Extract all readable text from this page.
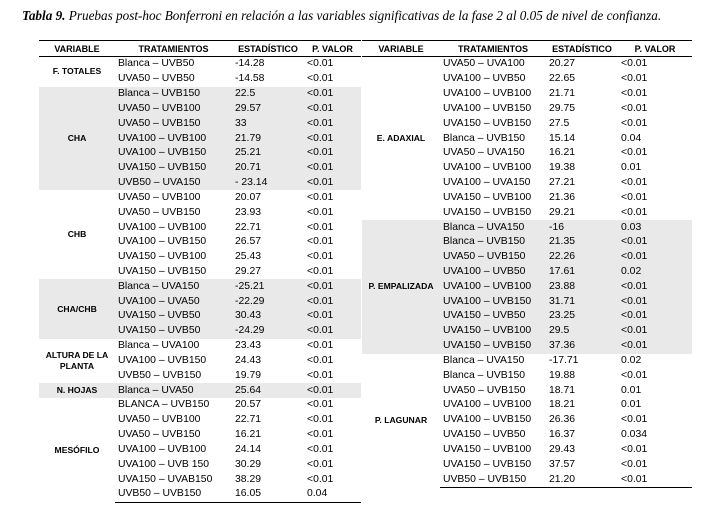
Tabla 9. Pruebas post-hoc Bonferroni en relación a las variables significativas de la fase 2 al 0.05 de nivel de confianza.
VARIABLE	TRATAMIENTOS	ESTADÍSTICO	P. VALOR
F. TOTALES	Blanca – UVB50	-14.28	<0.01
	UVA50 – UVB50	-14.58	<0.01
CHA	Blanca – UVB150	22.5	<0.01
	UVA50 – UVB100	29.57	<0.01
	UVA50 – UVB150	33	<0.01
	UVA100 – UVB100	21.79	<0.01
	UVA100 – UVB150	25.21	<0.01
	UVA150 – UVB150	20.71	<0.01
	UVB50 – UVA150	- 23.14	<0.01
CHB	UVA50 – UVB100	20.07	<0.01
	UVA50 – UVB150	23.93	<0.01
	UVA100 – UVB100	22.71	<0.01
	UVA100 – UVB150	26.57	<0.01
	UVA150 – UVB100	25.43	<0.01
	UVA150 – UVB150	29.27	<0.01
CHA/CHB	Blanca – UVA150	-25.21	<0.01
	UVA100 – UVA50	-22.29	<0.01
	UVA150 – UVB50	30.43	<0.01
	UVA150 – UVB50	-24.29	<0.01
ALTURA DE LA PLANTA	Blanca – UVA100	23.43	<0.01
	UVA100 – UVB150	24.43	<0.01
	UVB50 – UVB150	19.79	<0.01
N. HOJAS	Blanca – UVA50	25.64	<0.01
MESÓFILO	BLANCA – UVB150	20.57	<0.01
	UVA50 – UVB100	22.71	<0.01
	UVA50 – UVB150	16.21	<0.01
	UVA100 – UVB100	24.14	<0.01
	UVA100 – UVB 150	30.29	<0.01
	UVA150 – UVAB150	38.29	<0.01
	UVB50 – UVB150	16.05	0.04
VARIABLE	TRATAMIENTOS	ESTADÍSTICO	P. VALOR
E. ADAXIAL	UVA50 – UVA100	20.27	<0.01
	UVA100 – UVB50	22.65	<0.01
	UVA100 – UVB100	21.71	<0.01
	UVA100 – UVB150	29.75	<0.01
	UVA150 – UVB150	27.5	<0.01
	Blanca – UVB150	15.14	0.04
	UVA50 – UVA150	16.21	<0.01
	UVA100 – UVB100	19.38	0.01
	UVA100 – UVA150	27.21	<0.01
	UVA150 – UVB100	21.36	<0.01
	UVA150 – UVB150	29.21	<0.01
P. EMPALIZADA	Blanca – UVA150	-16	0.03
	Blanca – UVB150	21.35	<0.01
	UVA50 – UVB150	22.26	<0.01
	UVA100 – UVB50	17.61	0.02
	UVA100 – UVB100	23.88	<0.01
	UVA100 – UVB150	31.71	<0.01
	UVA150 – UVB50	23.25	<0.01
	UVA150 – UVB100	29.5	<0.01
	UVA150 – UVB150	37.36	<0.01
P. LAGUNAR	Blanca – UVA150	-17.71	0.02
	Blanca – UVB150	19.88	<0.01
	UVA50 – UVB150	18.71	0.01
	UVA100 – UVB100	18.21	0.01
	UVA100 – UVB150	26.36	<0.01
	UVA150 – UVB50	16.37	0.034
	UVA150 – UVB100	29.43	<0.01
	UVA150 – UVB150	37.57	<0.01
	UVB50 – UVB150	21.20	<0.01
